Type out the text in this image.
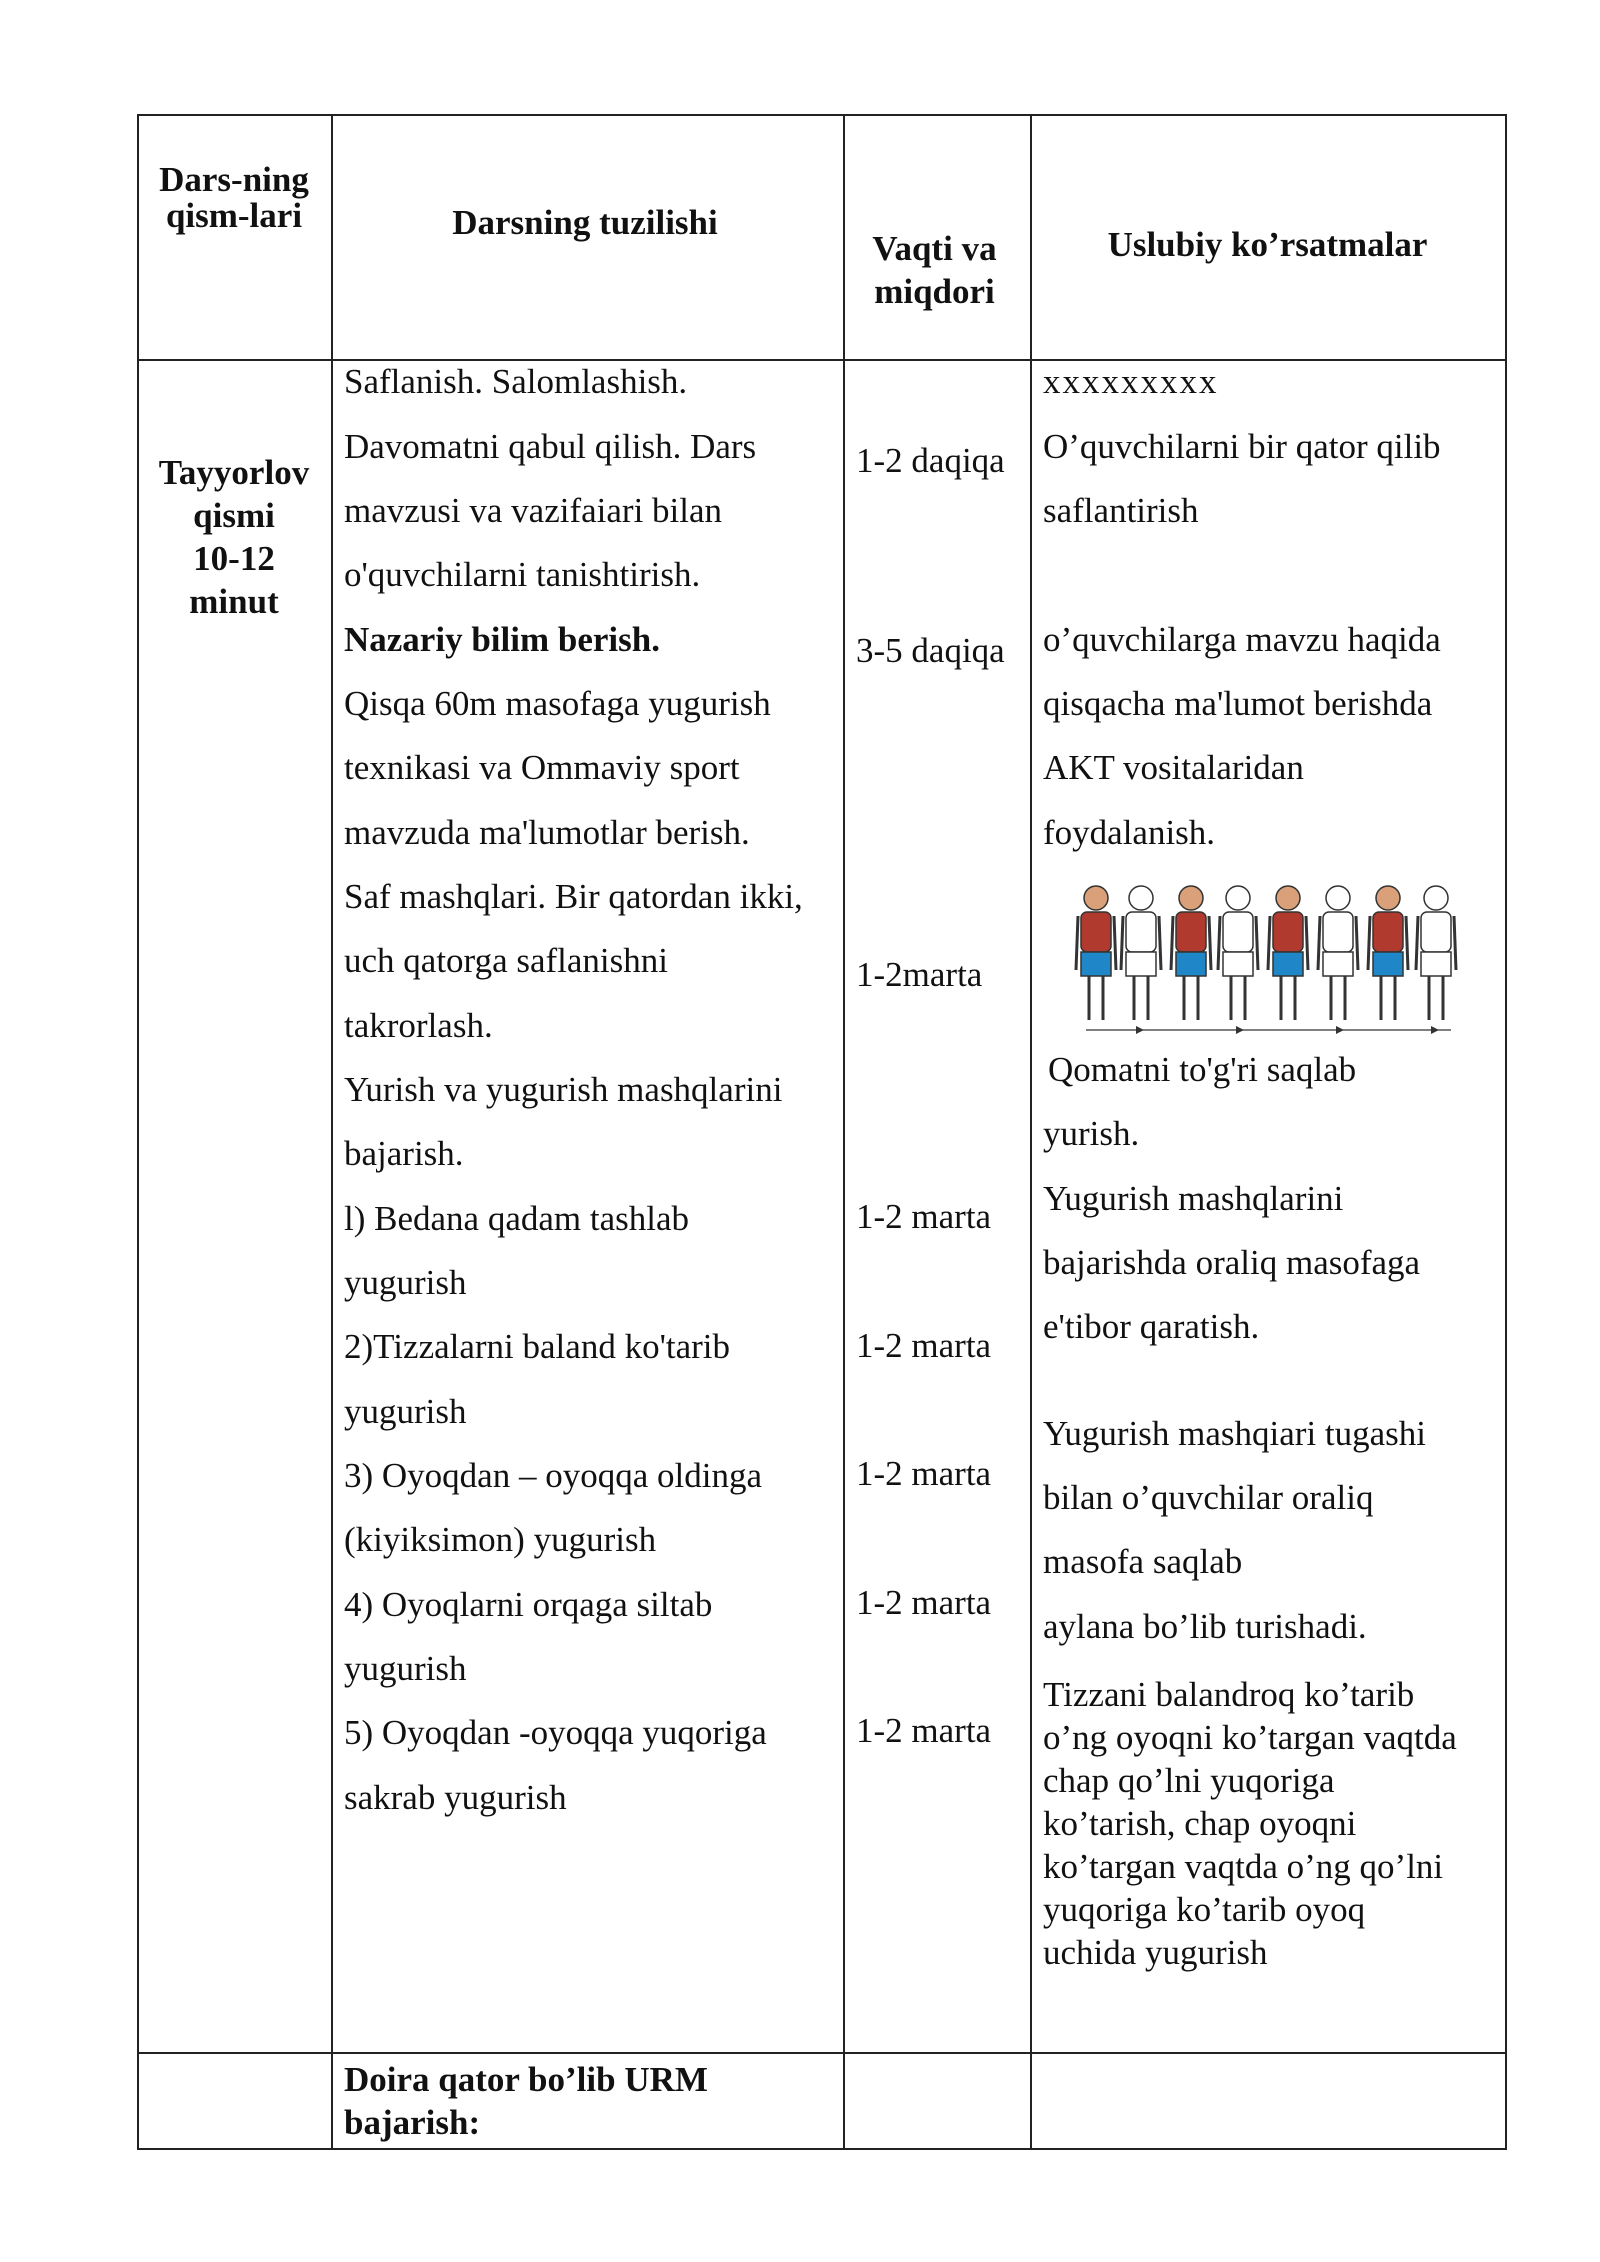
Dars-ning
qism-lari	Darsning tuzilishi
Vaqti va
miqdori
Uslubiy ko’rsatmalar
Tayyorlov
qismi
10-12
minut
Saflanish. Salomlashish.
Davomatni qabul qilish. Dars
mavzusi va vazifaiari bilan
o'quvchilarni tanishtirish.
Nazariy bilim berish.
Qisqa 60m masofaga yugurish
texnikasi va Ommaviy sport
mavzuda ma'lumotlar berish.
Saf mashqlari. Bir qatordan ikki,
uch qatorga saflanishni
takrorlash.
Yurish va yugurish mashqlarini
bajarish.
l) Bedana qadam tashlab
yugurish
2)Tizzalarni baland ko'tarib
yugurish
3) Oyoqdan – oyoqqa oldinga
(kiyiksimon) yugurish
4) Oyoqlarni orqaga siltab
yugurish
5) Oyoqdan -oyoqqa yuqoriga
sakrab yugurish
1-2 daqiqa
3-5 daqiqa
1-2marta
1-2 marta
1-2 marta
1-2 marta
1-2 marta
1-2 marta
xxxxxxxxx
O’quvchilarni bir qator qilib
saflantirish
o’quvchilarga mavzu haqida
qisqacha ma'lumot berishda
AKT vositalaridan
foydalanish.
Qomatni to'g'ri saqlab
yurish.
Yugurish mashqlarini
bajarishda oraliq masofaga
e'tibor qaratish.
Yugurish mashqiari tugashi
bilan o’quvchilar oraliq
masofa saqlab
aylana bo’lib turishadi.
Tizzani balandroq ko’tarib
o’ng oyoqni ko’targan vaqtda
chap qo’lni yuqoriga
ko’tarish, chap oyoqni
ko’targan vaqtda o’ng qo’lni
yuqoriga ko’tarib oyoq
uchida yugurish
Doira qator bo’lib URM
bajarish:
